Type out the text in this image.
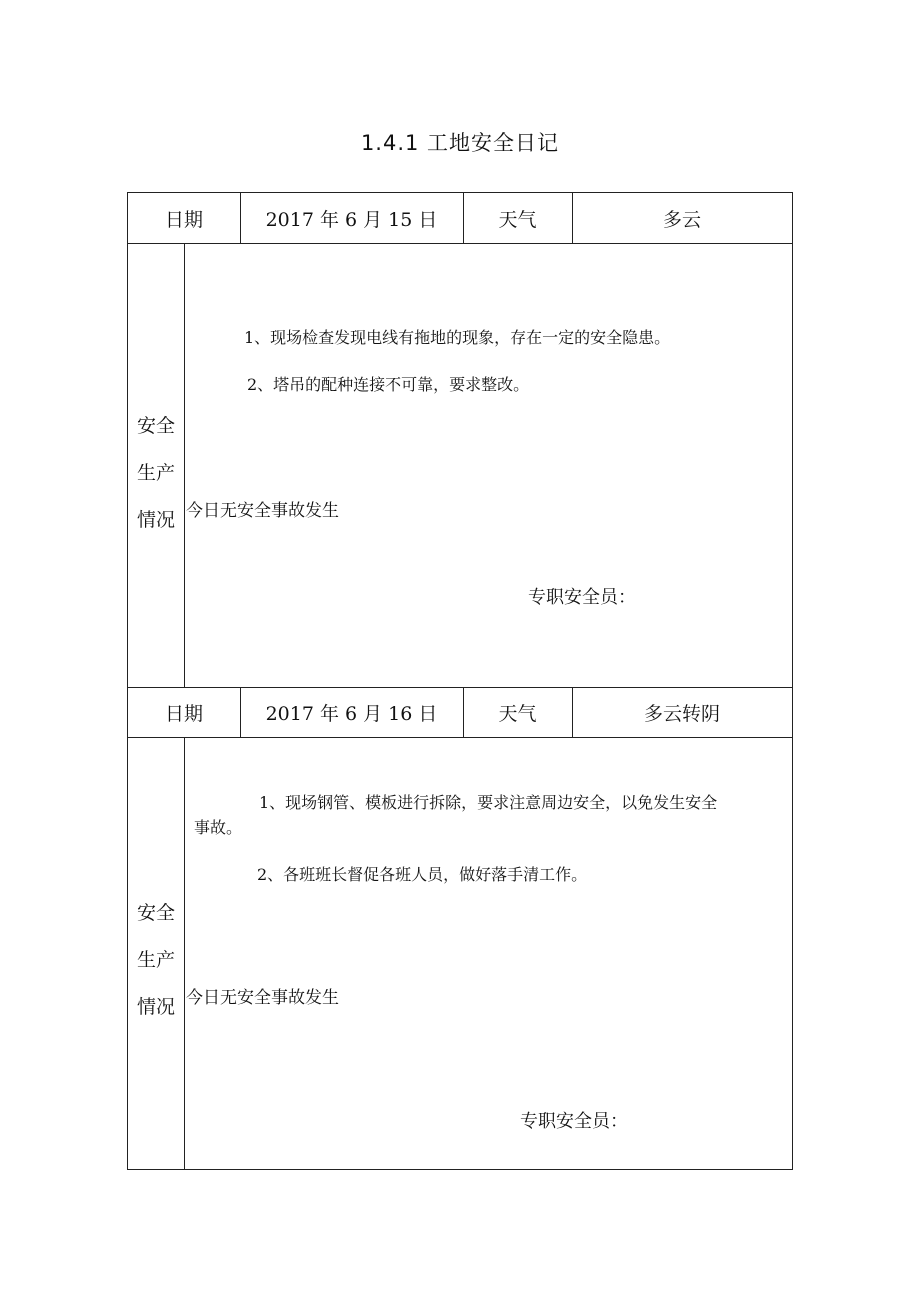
1.4.1 工地安全日记
日期	2017 年 6 月 15 日	天气	多云
安全
生产
情况
1、现场检查发现电线有拖地的现象，存在一定的安全隐患。
2、塔吊的配种连接不可靠，要求整改。
今日无安全事故发生
专职安全员：
日期	2017 年 6 月 16 日	天气	多云转阴
安全
生产
情况
1、现场钢管、模板进行拆除，要求注意周边安全，以免发生安全
事故。
2、各班班长督促各班人员，做好落手清工作。
今日无安全事故发生
专职安全员：
